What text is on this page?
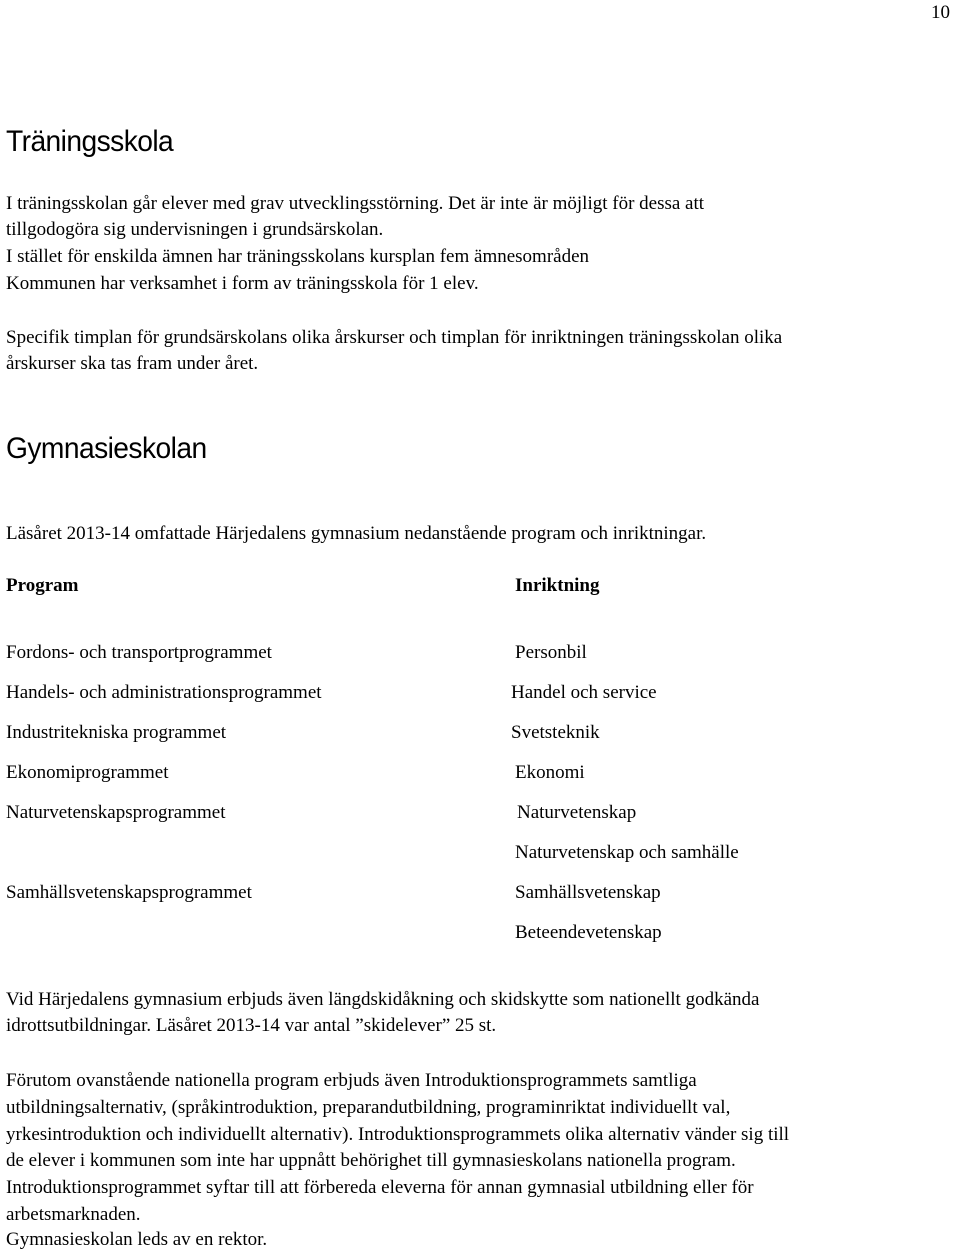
10
Träningsskola
I träningsskolan går elever med grav utvecklingsstörning. Det är inte är möjligt för dessa att
tillgodogöra sig undervisningen i grundsärskolan.
I stället för enskilda ämnen har träningsskolans kursplan fem ämnesområden
Kommunen har verksamhet i form av träningsskola för 1 elev.
Specifik timplan för grundsärskolans olika årskurser och timplan för inriktningen träningsskolan olika
årskurser ska tas fram under året.
Gymnasieskolan
Läsåret 2013-14 omfattade Härjedalens gymnasium nedanstående program och inriktningar.
Program	Inriktning
Fordons- och transportprogrammet
Handels- och administrationsprogrammet
Industritekniska programmet
Ekonomiprogrammet
Naturvetenskapsprogrammet
Samhällsvetenskapsprogrammet
Personbil
Handel och service
Svetsteknik
Ekonomi
Naturvetenskap
Naturvetenskap och samhälle
Samhällsvetenskap
Beteendevetenskap
Vid Härjedalens gymnasium erbjuds även längdskidåkning och skidskytte som nationellt godkända
idrottsutbildningar. Läsåret 2013-14 var antal ”skidelever” 25 st.
Förutom ovanstående nationella program erbjuds även Introduktionsprogrammets samtliga
utbildningsalternativ, (språkintroduktion, preparandutbildning, programinriktat individuellt val,
yrkesintroduktion och individuellt alternativ). Introduktionsprogrammets olika alternativ vänder sig till
de elever i kommunen som inte har uppnått behörighet till gymnasieskolans nationella program.
Introduktionsprogrammet syftar till att förbereda eleverna för annan gymnasial utbildning eller för
arbetsmarknaden.
Gymnasieskolan leds av en rektor.
